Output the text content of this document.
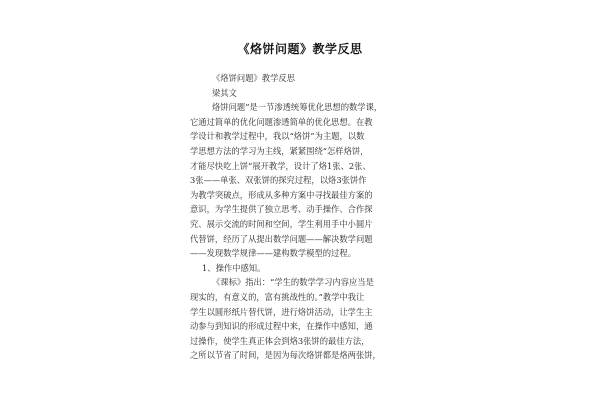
《烙饼问题》教学反思
《烙饼问题》教学反思
梁其文
烙饼问题”是一节渗透统筹优化思想的数学课，
它通过简单的优化问题渗透简单的优化思想。在教
学设计和教学过程中，我以“烙饼”为主题，以数
学思想方法的学习为主线，紧紧围绕“怎样烙饼，
才能尽快吃上饼”展开教学，设计了烙1张、2张、
3张——单张、双张饼的探究过程，以烙3张饼作
为教学突破点，形成从多种方案中寻找最佳方案的
意识，为学生提供了独立思考、动手操作、合作探
究、展示交流的时间和空间，学生利用手中小圆片
代替饼，经历了从提出数学问题——解决数学问题
——发现数学规律——建构数学模型的过程。
1、操作中感知。
《课标》指出：“学生的数学学习内容应当是
现实的，有意义的，富有挑战性的。”教学中我让
学生以圆形纸片替代饼，进行烙饼活动，让学生主
动参与到知识的形成过程中来，在操作中感知，通
过操作，使学生真正体会到烙3张饼的最佳方法，
之所以节省了时间，是因为每次烙饼都是烙两张饼，
